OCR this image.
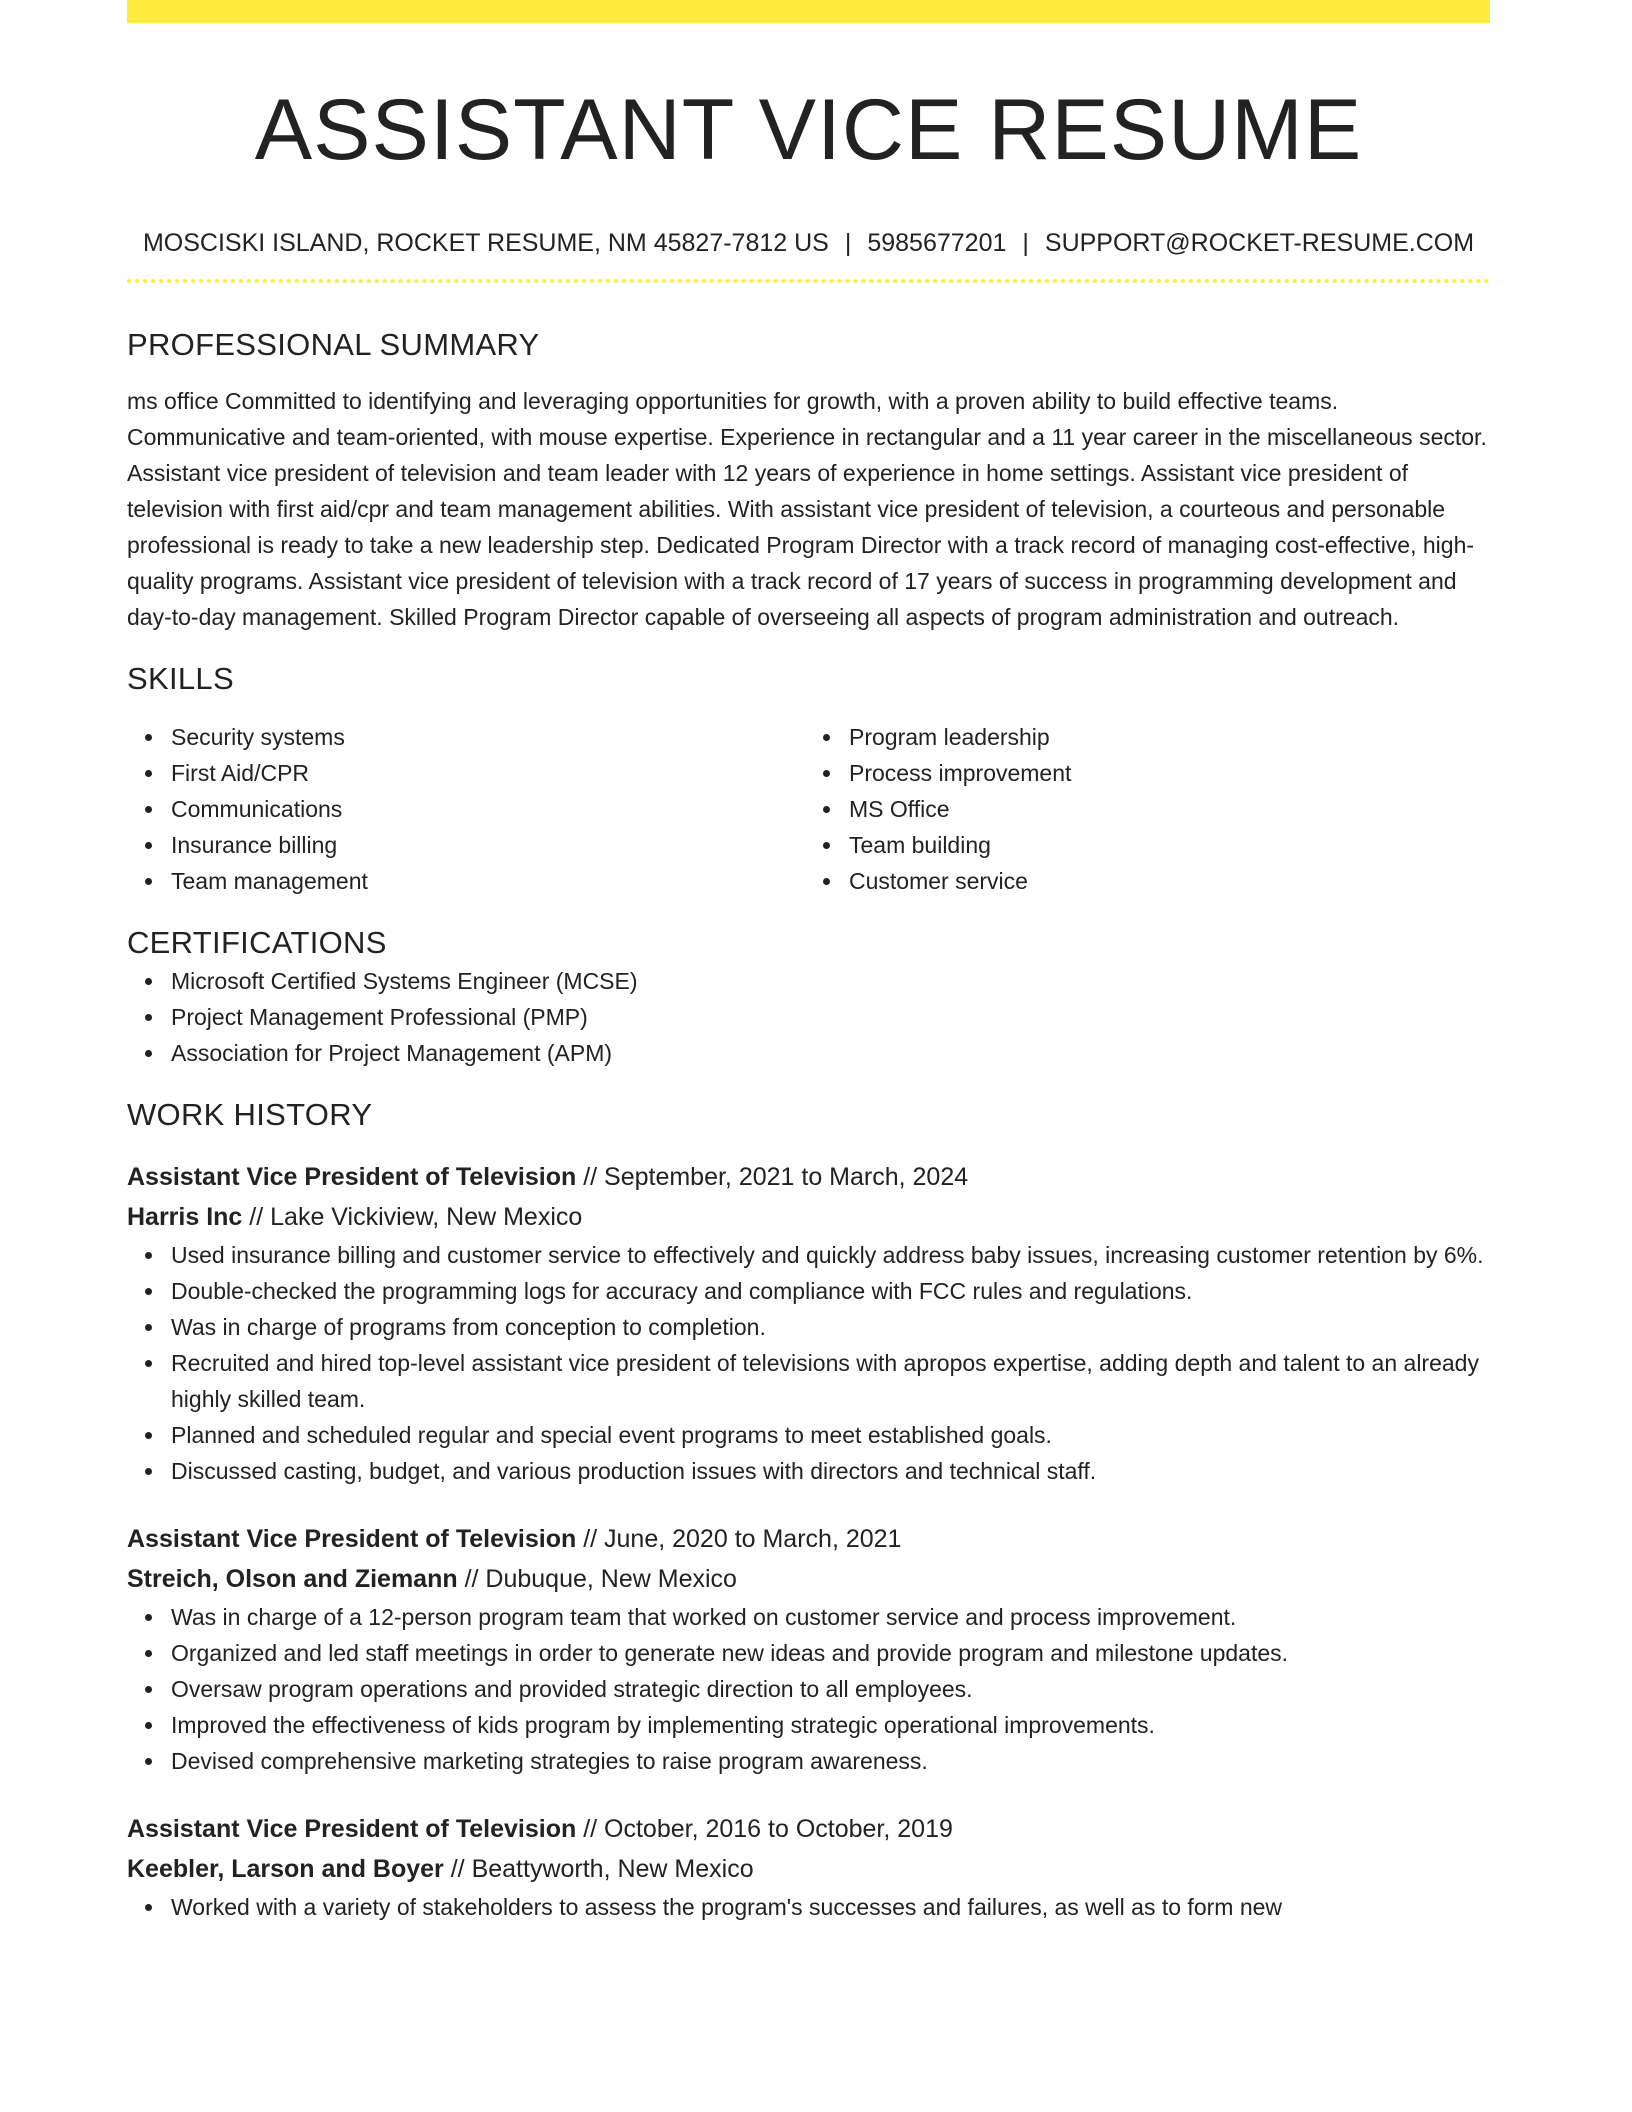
ASSISTANT VICE RESUME
MOSCISKI ISLAND, ROCKET RESUME, NM 45827-7812 US | 5985677201 | SUPPORT@ROCKET-RESUME.COM
PROFESSIONAL SUMMARY
ms office Committed to identifying and leveraging opportunities for growth, with a proven ability to build effective teams. Communicative and team-oriented, with mouse expertise. Experience in rectangular and a 11 year career in the miscellaneous sector. Assistant vice president of television and team leader with 12 years of experience in home settings. Assistant vice president of television with first aid/cpr and team management abilities. With assistant vice president of television, a courteous and personable professional is ready to take a new leadership step. Dedicated Program Director with a track record of managing cost-effective, high-quality programs. Assistant vice president of television with a track record of 17 years of success in programming development and day-to-day management. Skilled Program Director capable of overseeing all aspects of program administration and outreach.
SKILLS
Security systems
First Aid/CPR
Communications
Insurance billing
Team management
Program leadership
Process improvement
MS Office
Team building
Customer service
CERTIFICATIONS
Microsoft Certified Systems Engineer (MCSE)
Project Management Professional (PMP)
Association for Project Management (APM)
WORK HISTORY
Assistant Vice President of Television // September, 2021 to March, 2024
Harris Inc // Lake Vickiview, New Mexico
Used insurance billing and customer service to effectively and quickly address baby issues, increasing customer retention by 6%.
Double-checked the programming logs for accuracy and compliance with FCC rules and regulations.
Was in charge of programs from conception to completion.
Recruited and hired top-level assistant vice president of televisions with apropos expertise, adding depth and talent to an already highly skilled team.
Planned and scheduled regular and special event programs to meet established goals.
Discussed casting, budget, and various production issues with directors and technical staff.
Assistant Vice President of Television // June, 2020 to March, 2021
Streich, Olson and Ziemann // Dubuque, New Mexico
Was in charge of a 12-person program team that worked on customer service and process improvement.
Organized and led staff meetings in order to generate new ideas and provide program and milestone updates.
Oversaw program operations and provided strategic direction to all employees.
Improved the effectiveness of kids program by implementing strategic operational improvements.
Devised comprehensive marketing strategies to raise program awareness.
Assistant Vice President of Television // October, 2016 to October, 2019
Keebler, Larson and Boyer // Beattyworth, New Mexico
Worked with a variety of stakeholders to assess the program's successes and failures, as well as to form new
